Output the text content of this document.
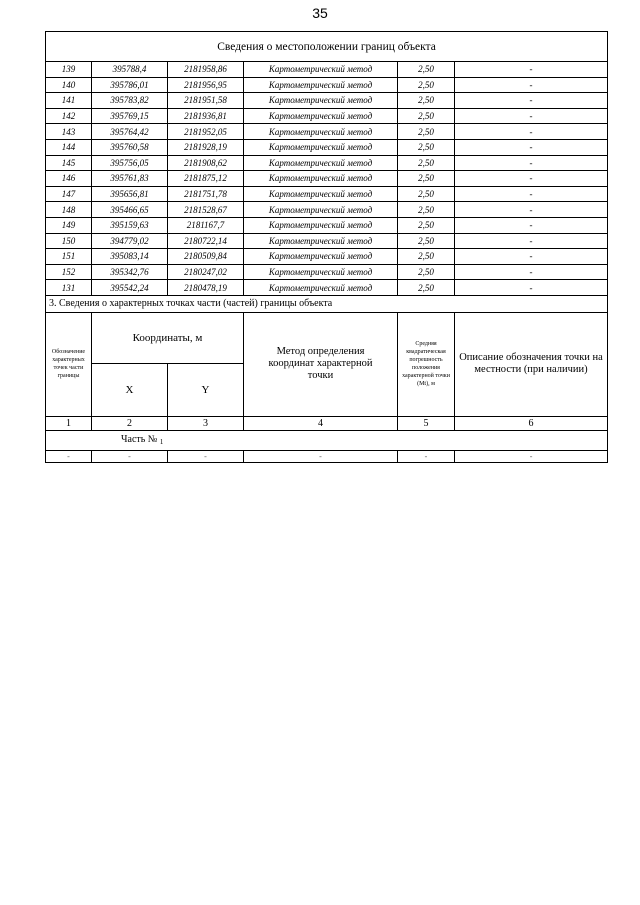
35
Сведения о местоположении границ объекта					
139	395788,4	2181958,86	Картометрический метод	2,50	-
140	395786,01	2181956,95	Картометрический метод	2,50	-
141	395783,82	2181951,58	Картометрический метод	2,50	-
142	395769,15	2181936,81	Картометрический метод	2,50	-
143	395764,42	2181952,05	Картометрический метод	2,50	-
144	395760,58	2181928,19	Картометрический метод	2,50	-
145	395756,05	2181908,62	Картометрический метод	2,50	-
146	395761,83	2181875,12	Картометрический метод	2,50	-
147	395656,81	2181751,78	Картометрический метод	2,50	-
148	395466,65	2181528,67	Картометрический метод	2,50	-
149	395159,63	2181167,7	Картометрический метод	2,50	-
150	394779,02	2180722,14	Картометрический метод	2,50	-
151	395083,14	2180509,84	Картометрический метод	2,50	-
152	395342,76	2180247,02	Картометрический метод	2,50	-
131	395542,24	2180478,19	Картометрический метод	2,50	-
3. Сведения о характерных точках части (частей) границы объекта					
Обозначение характерных точек части границы	Координаты, м		Метод определения координат характерной точки	Средняя квадратическая погрешность положения характерной точки (Mt), м	Описание обозначения точки на местности (при наличии)
	X	Y			
1	2	3	4	5	6
Часть № $_1$
-	-	-	-	-	-
